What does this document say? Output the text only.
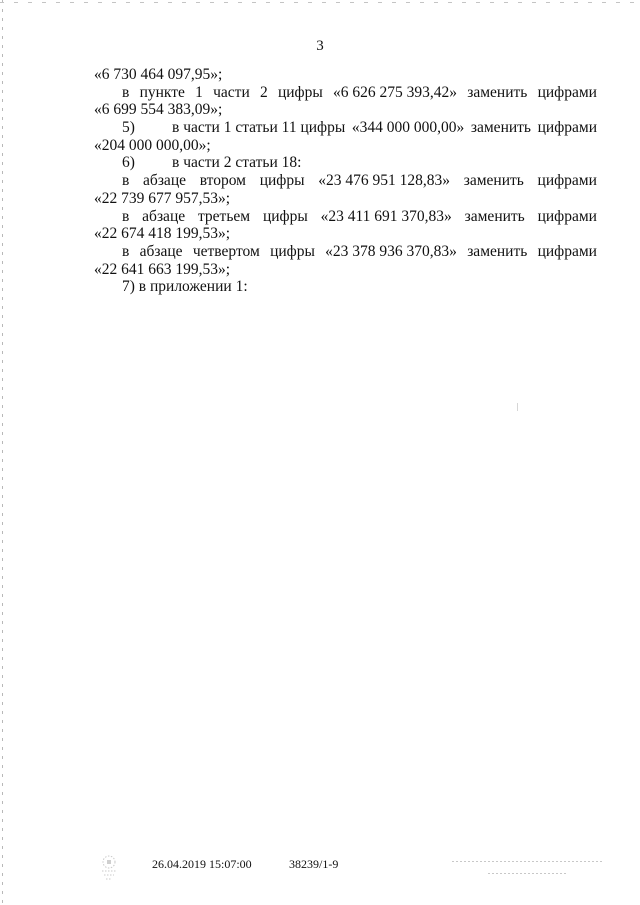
3
«6 730 464 097,95»;
в пункте 1 части 2 цифры «6 626 275 393,42» заменить цифрами
«6 699 554 383,09»;
5) в части 1 статьи 11 цифры «344 000 000,00» заменить цифрами
«204 000 000,00»;
6)	в части 2 статьи 18:
в абзаце втором цифры «23 476 951 128,83» заменить цифрами
«22 739 677 957,53»;
в абзаце третьем цифры «23 411 691 370,83» заменить цифрами
«22 674 418 199,53»;
в абзаце четвертом цифры «23 378 936 370,83» заменить цифрами
«22 641 663 199,53»;
7) в приложении 1:
26.04.2019 15:07:00	38239/1-9
